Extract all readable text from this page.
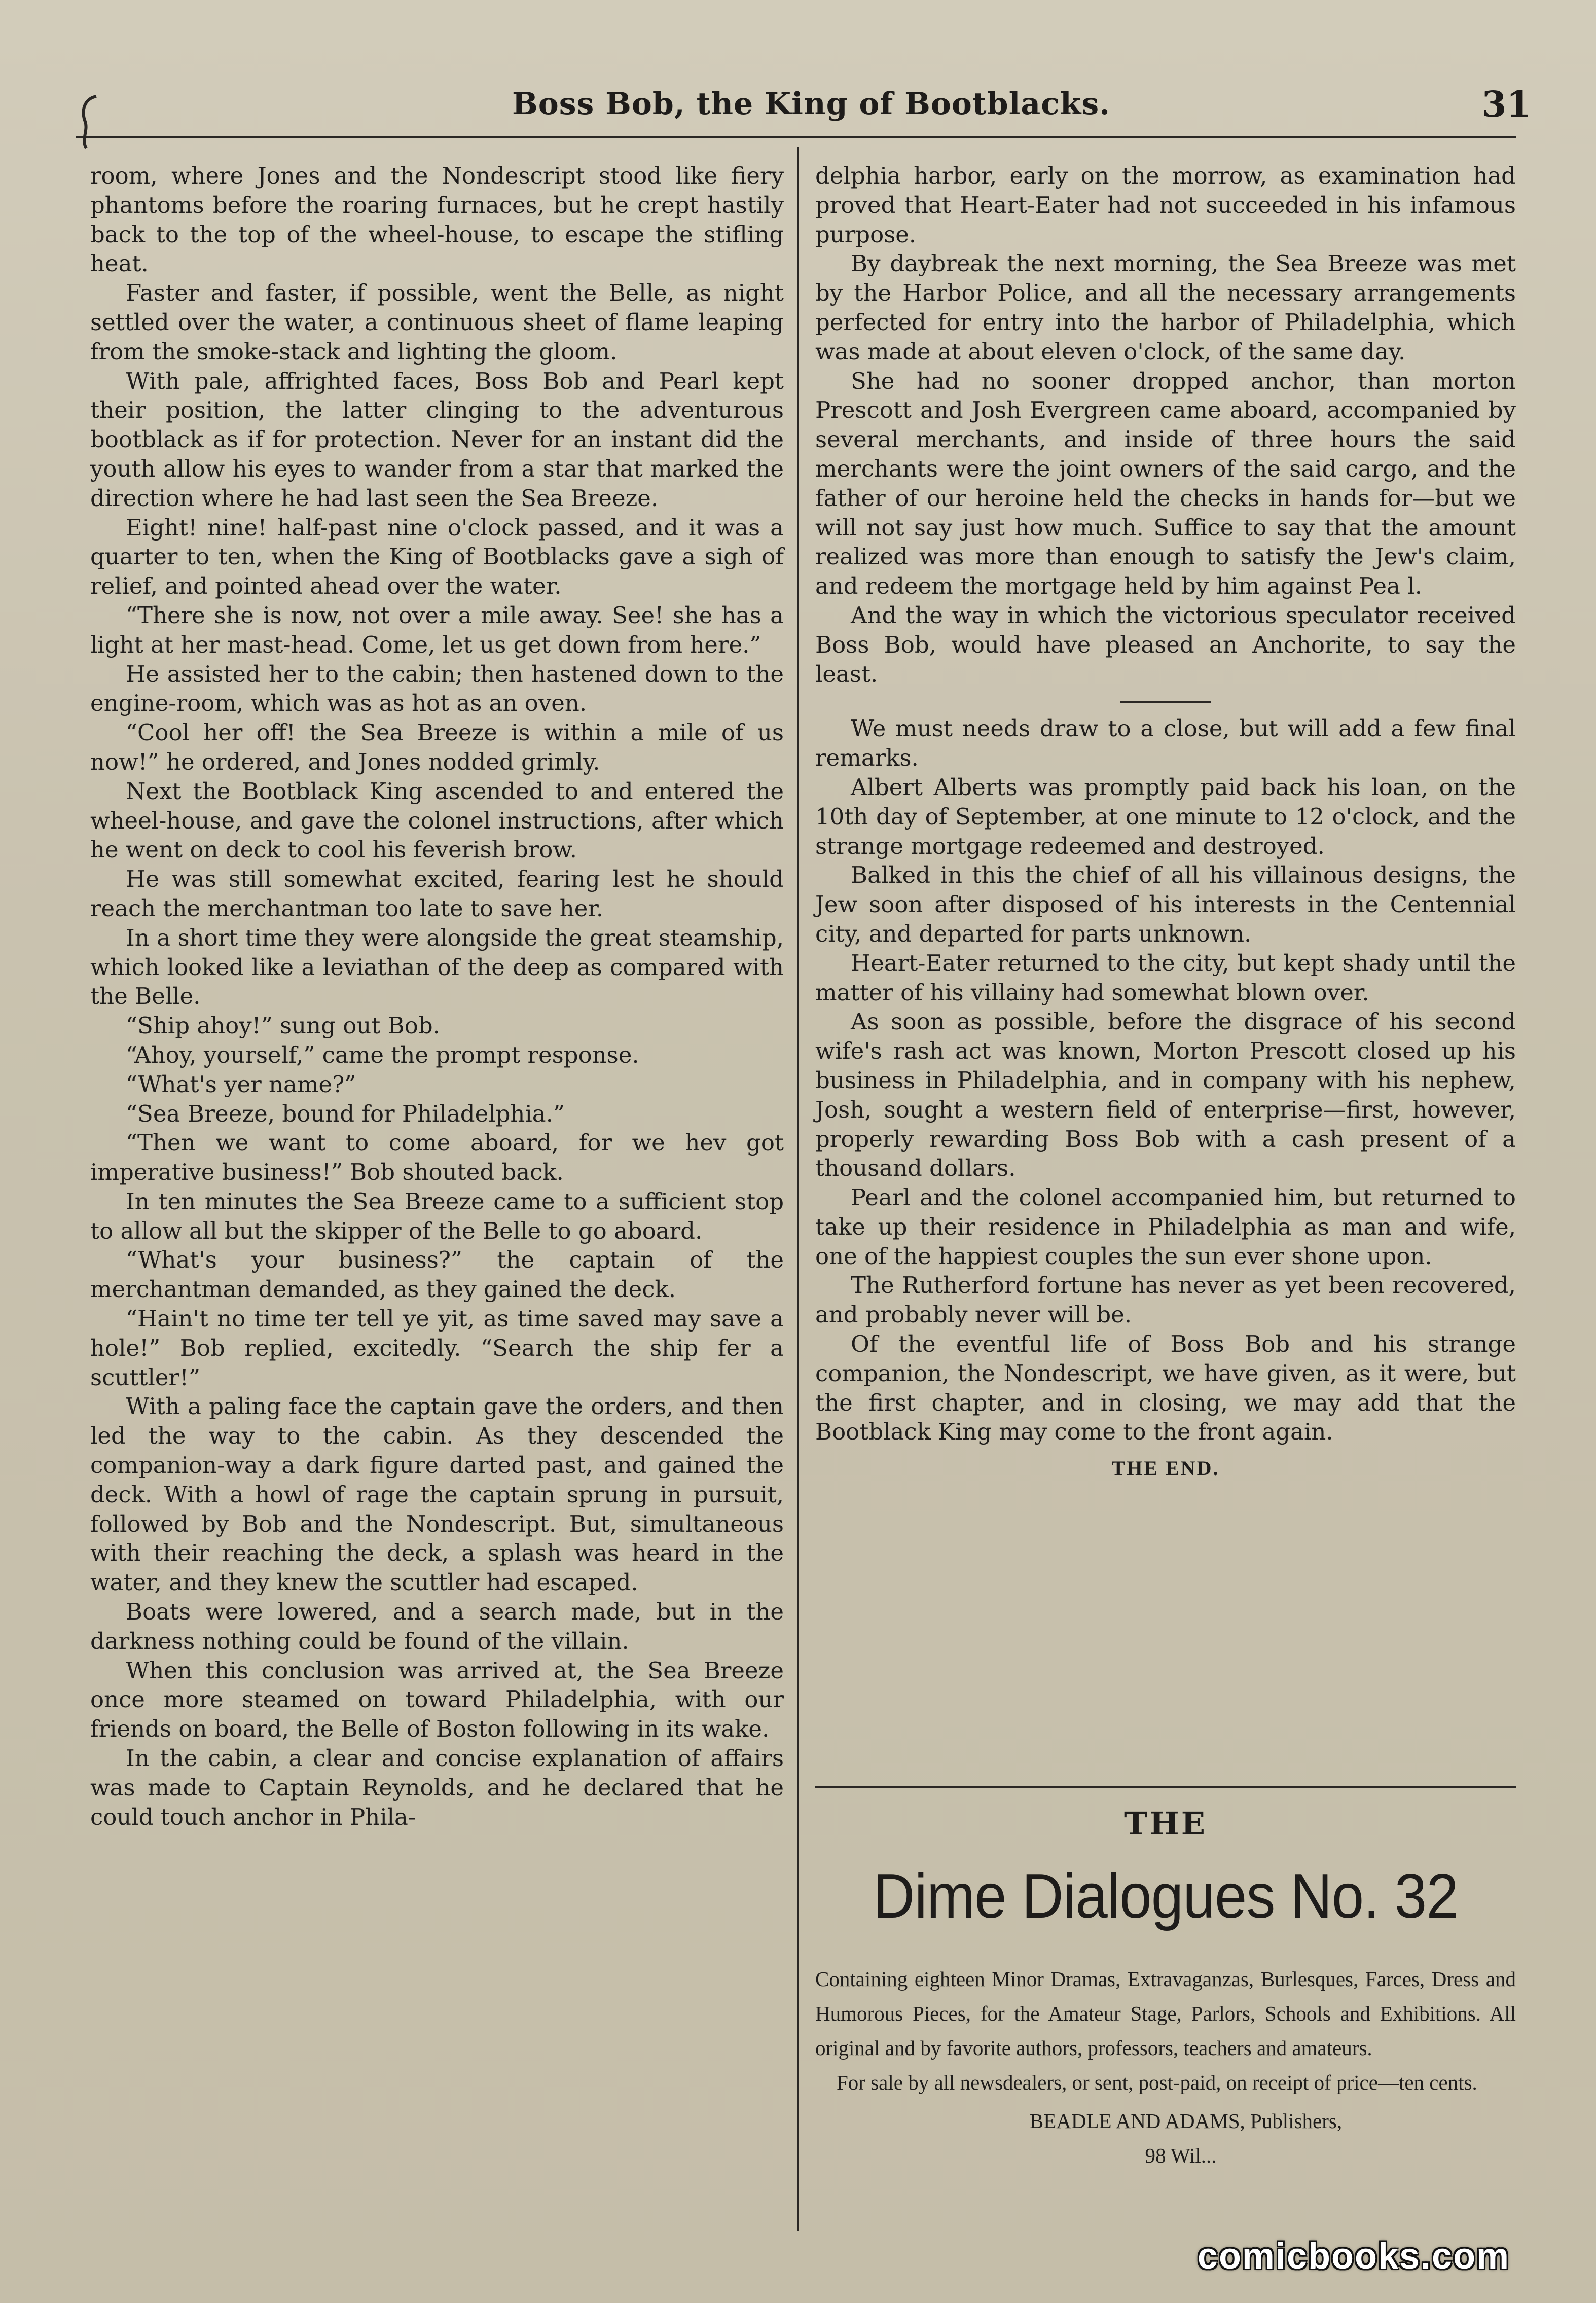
Boss Bob, the King of Bootblacks.	31

room, where Jones and the Nondescript stood like fiery phantoms before the roaring furnaces, but he crept hastily back to the top of the wheel-house, to escape the stifling heat.

Faster and faster, if possible, went the Belle, as night settled over the water, a continuous sheet of flame leaping from the smoke-stack and lighting the gloom.

With pale, affrighted faces, Boss Bob and Pearl kept their position, the latter clinging to the adventurous bootblack as if for protection. Never for an instant did the youth allow his eyes to wander from a star that marked the direction where he had last seen the Sea Breeze.

Eight! nine! half-past nine o'clock passed, and it was a quarter to ten, when the King of Bootblacks gave a sigh of relief, and pointed ahead over the water.

“There she is now, not over a mile away. See! she has a light at her mast-head. Come, let us get down from here.”

He assisted her to the cabin; then hastened down to the engine-room, which was as hot as an oven.

“Cool her off! the Sea Breeze is within a mile of us now!” he ordered, and Jones nodded grimly.

Next the Bootblack King ascended to and entered the wheel-house, and gave the colonel instructions, after which he went on deck to cool his feverish brow.

He was still somewhat excited, fearing lest he should reach the merchantman too late to save her.

In a short time they were alongside the great steamship, which looked like a leviathan of the deep as compared with the Belle.

“Ship ahoy!” sung out Bob.

“Ahoy, yourself,” came the prompt response.

“What's yer name?”

“Sea Breeze, bound for Philadelphia.”

“Then we want to come aboard, for we hev got imperative business!” Bob shouted back.

In ten minutes the Sea Breeze came to a sufficient stop to allow all but the skipper of the Belle to go aboard.

“What's your business?” the captain of the merchantman demanded, as they gained the deck.

“Hain't no time ter tell ye yit, as time saved may save a hole!” Bob replied, excitedly. “Search the ship fer a scuttler!”

With a paling face the captain gave the orders, and then led the way to the cabin. As they descended the companion-way a dark figure darted past, and gained the deck. With a howl of rage the captain sprung in pursuit, followed by Bob and the Nondescript. But, simultaneous with their reaching the deck, a splash was heard in the water, and they knew the scuttler had escaped.

Boats were lowered, and a search made, but in the darkness nothing could be found of the villain.

When this conclusion was arrived at, the Sea Breeze once more steamed on toward Philadelphia, with our friends on board, the Belle of Boston following in its wake.

In the cabin, a clear and concise explanation of affairs was made to Captain Reynolds, and he declared that he could touch anchor in Phila-

delphia harbor, early on the morrow, as examination had proved that Heart-Eater had not succeeded in his infamous purpose.

By daybreak the next morning, the Sea Breeze was met by the Harbor Police, and all the necessary arrangements perfected for entry into the harbor of Philadelphia, which was made at about eleven o'clock, of the same day.

She had no sooner dropped anchor, than morton Prescott and Josh Evergreen came aboard, accompanied by several merchants, and inside of three hours the said merchants were the joint owners of the said cargo, and the father of our heroine held the checks in hands for—but we will not say just how much. Suffice to say that the amount realized was more than enough to satisfy the Jew's claim, and redeem the mortgage held by him against Pea l.

And the way in which the victorious speculator received Boss Bob, would have pleased an Anchorite, to say the least.

We must needs draw to a close, but will add a few final remarks.

Albert Alberts was promptly paid back his loan, on the 10th day of September, at one minute to 12 o'clock, and the strange mortgage redeemed and destroyed.

Balked in this the chief of all his villainous designs, the Jew soon after disposed of his interests in the Centennial city, and departed for parts unknown.

Heart-Eater returned to the city, but kept shady until the matter of his villainy had somewhat blown over.

As soon as possible, before the disgrace of his second wife's rash act was known, Morton Prescott closed up his business in Philadelphia, and in company with his nephew, Josh, sought a western field of enterprise—first, however, properly rewarding Boss Bob with a cash present of a thousand dollars.

Pearl and the colonel accompanied him, but returned to take up their residence in Philadelphia as man and wife, one of the happiest couples the sun ever shone upon.

The Rutherford fortune has never as yet been recovered, and probably never will be.

Of the eventful life of Boss Bob and his strange companion, the Nondescript, we have given, as it were, but the first chapter, and in closing, we may add that the Bootblack King may come to the front again.

THE END.
THE
Dime Dialogues No. 32

Containing eighteen Minor Dramas, Extravaganzas, Burlesques, Farces, Dress and Humorous Pieces, for the Amateur Stage, Parlors, Schools and Exhibitions. All original and by favorite authors, professors, teachers and amateurs.

For sale by all newsdealers, or sent, post-paid, on receipt of price—ten cents.

BEADLE AND ADAMS, Publishers,
98 Wil...
comicbooks.com
